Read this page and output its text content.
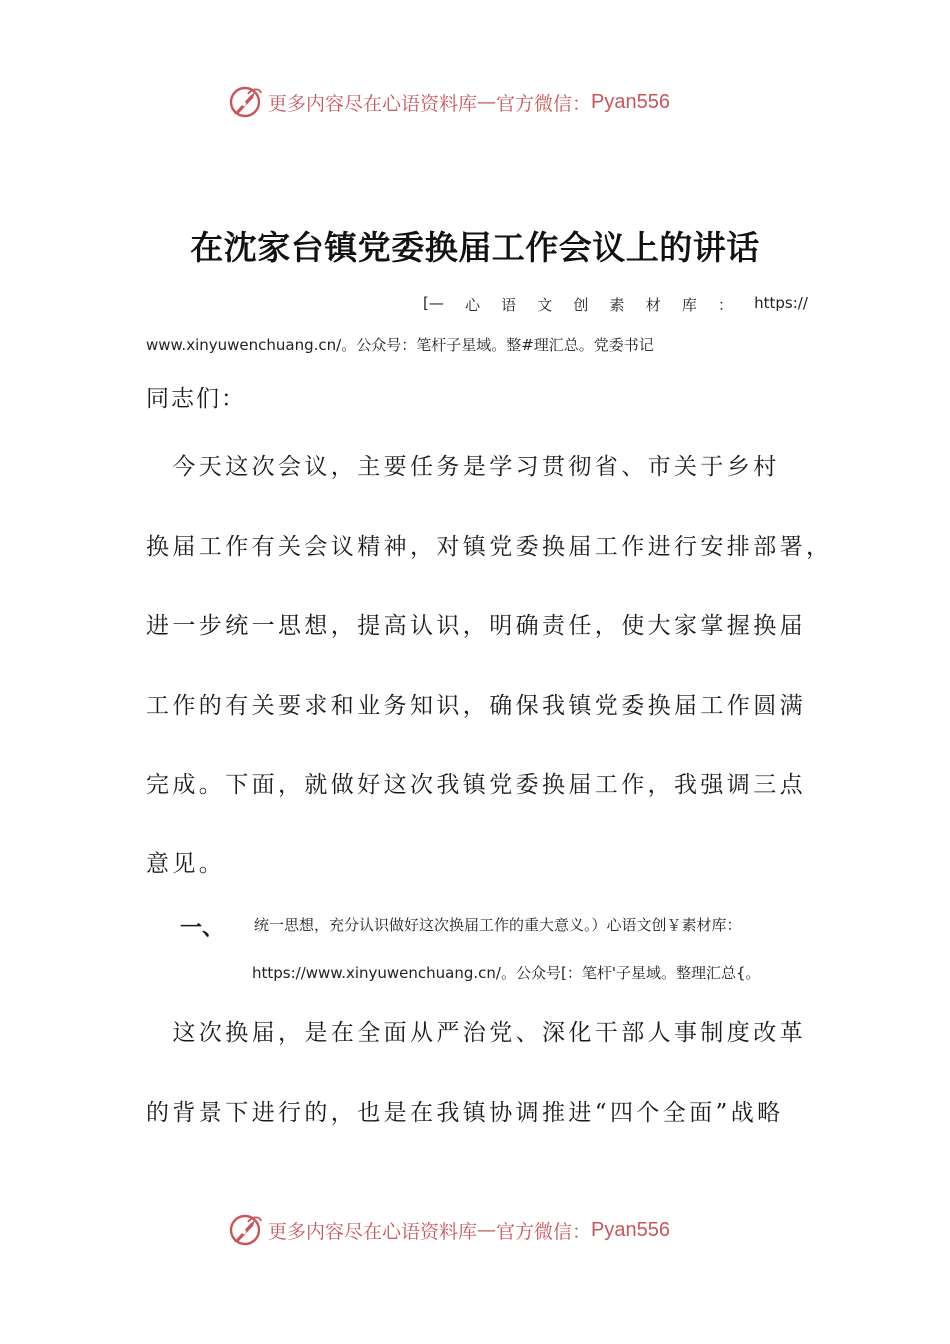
更多内容尽在心语资料库 — 官方微信： Pyan556
在沈家台镇党委换届工作会议上的讲话
[— 心 语 文 创 素 材 库 ： https://
www.xinyuwenchuang.cn/。公众号：笔杆子星域。整#理汇总。党委书记
同志们：
　今天这次会议，主要任务是学习贯彻省、市关于乡村
换届工作有关会议精神，对镇党委换届工作进行安排部署，
进一步统一思想，提高认识，明确责任，使大家掌握换届
工作的有关要求和业务知识，确保我镇党委换届工作圆满
完成。下面，就做好这次我镇党委换届工作，我强调三点
意见。
一、 统一思想，充分认识做好这次换届工作的重大意义。）心语文创￥素材库：
https://www.xinyuwenchuang.cn/。公众号[：笔杆'子星域。整理汇总{。
　这次换届，是在全面从严治党、深化干部人事制度改革
的背景下进行的，也是在我镇协调推进“四个全面”战略
更多内容尽在心语资料库 — 官方微信： Pyan556
